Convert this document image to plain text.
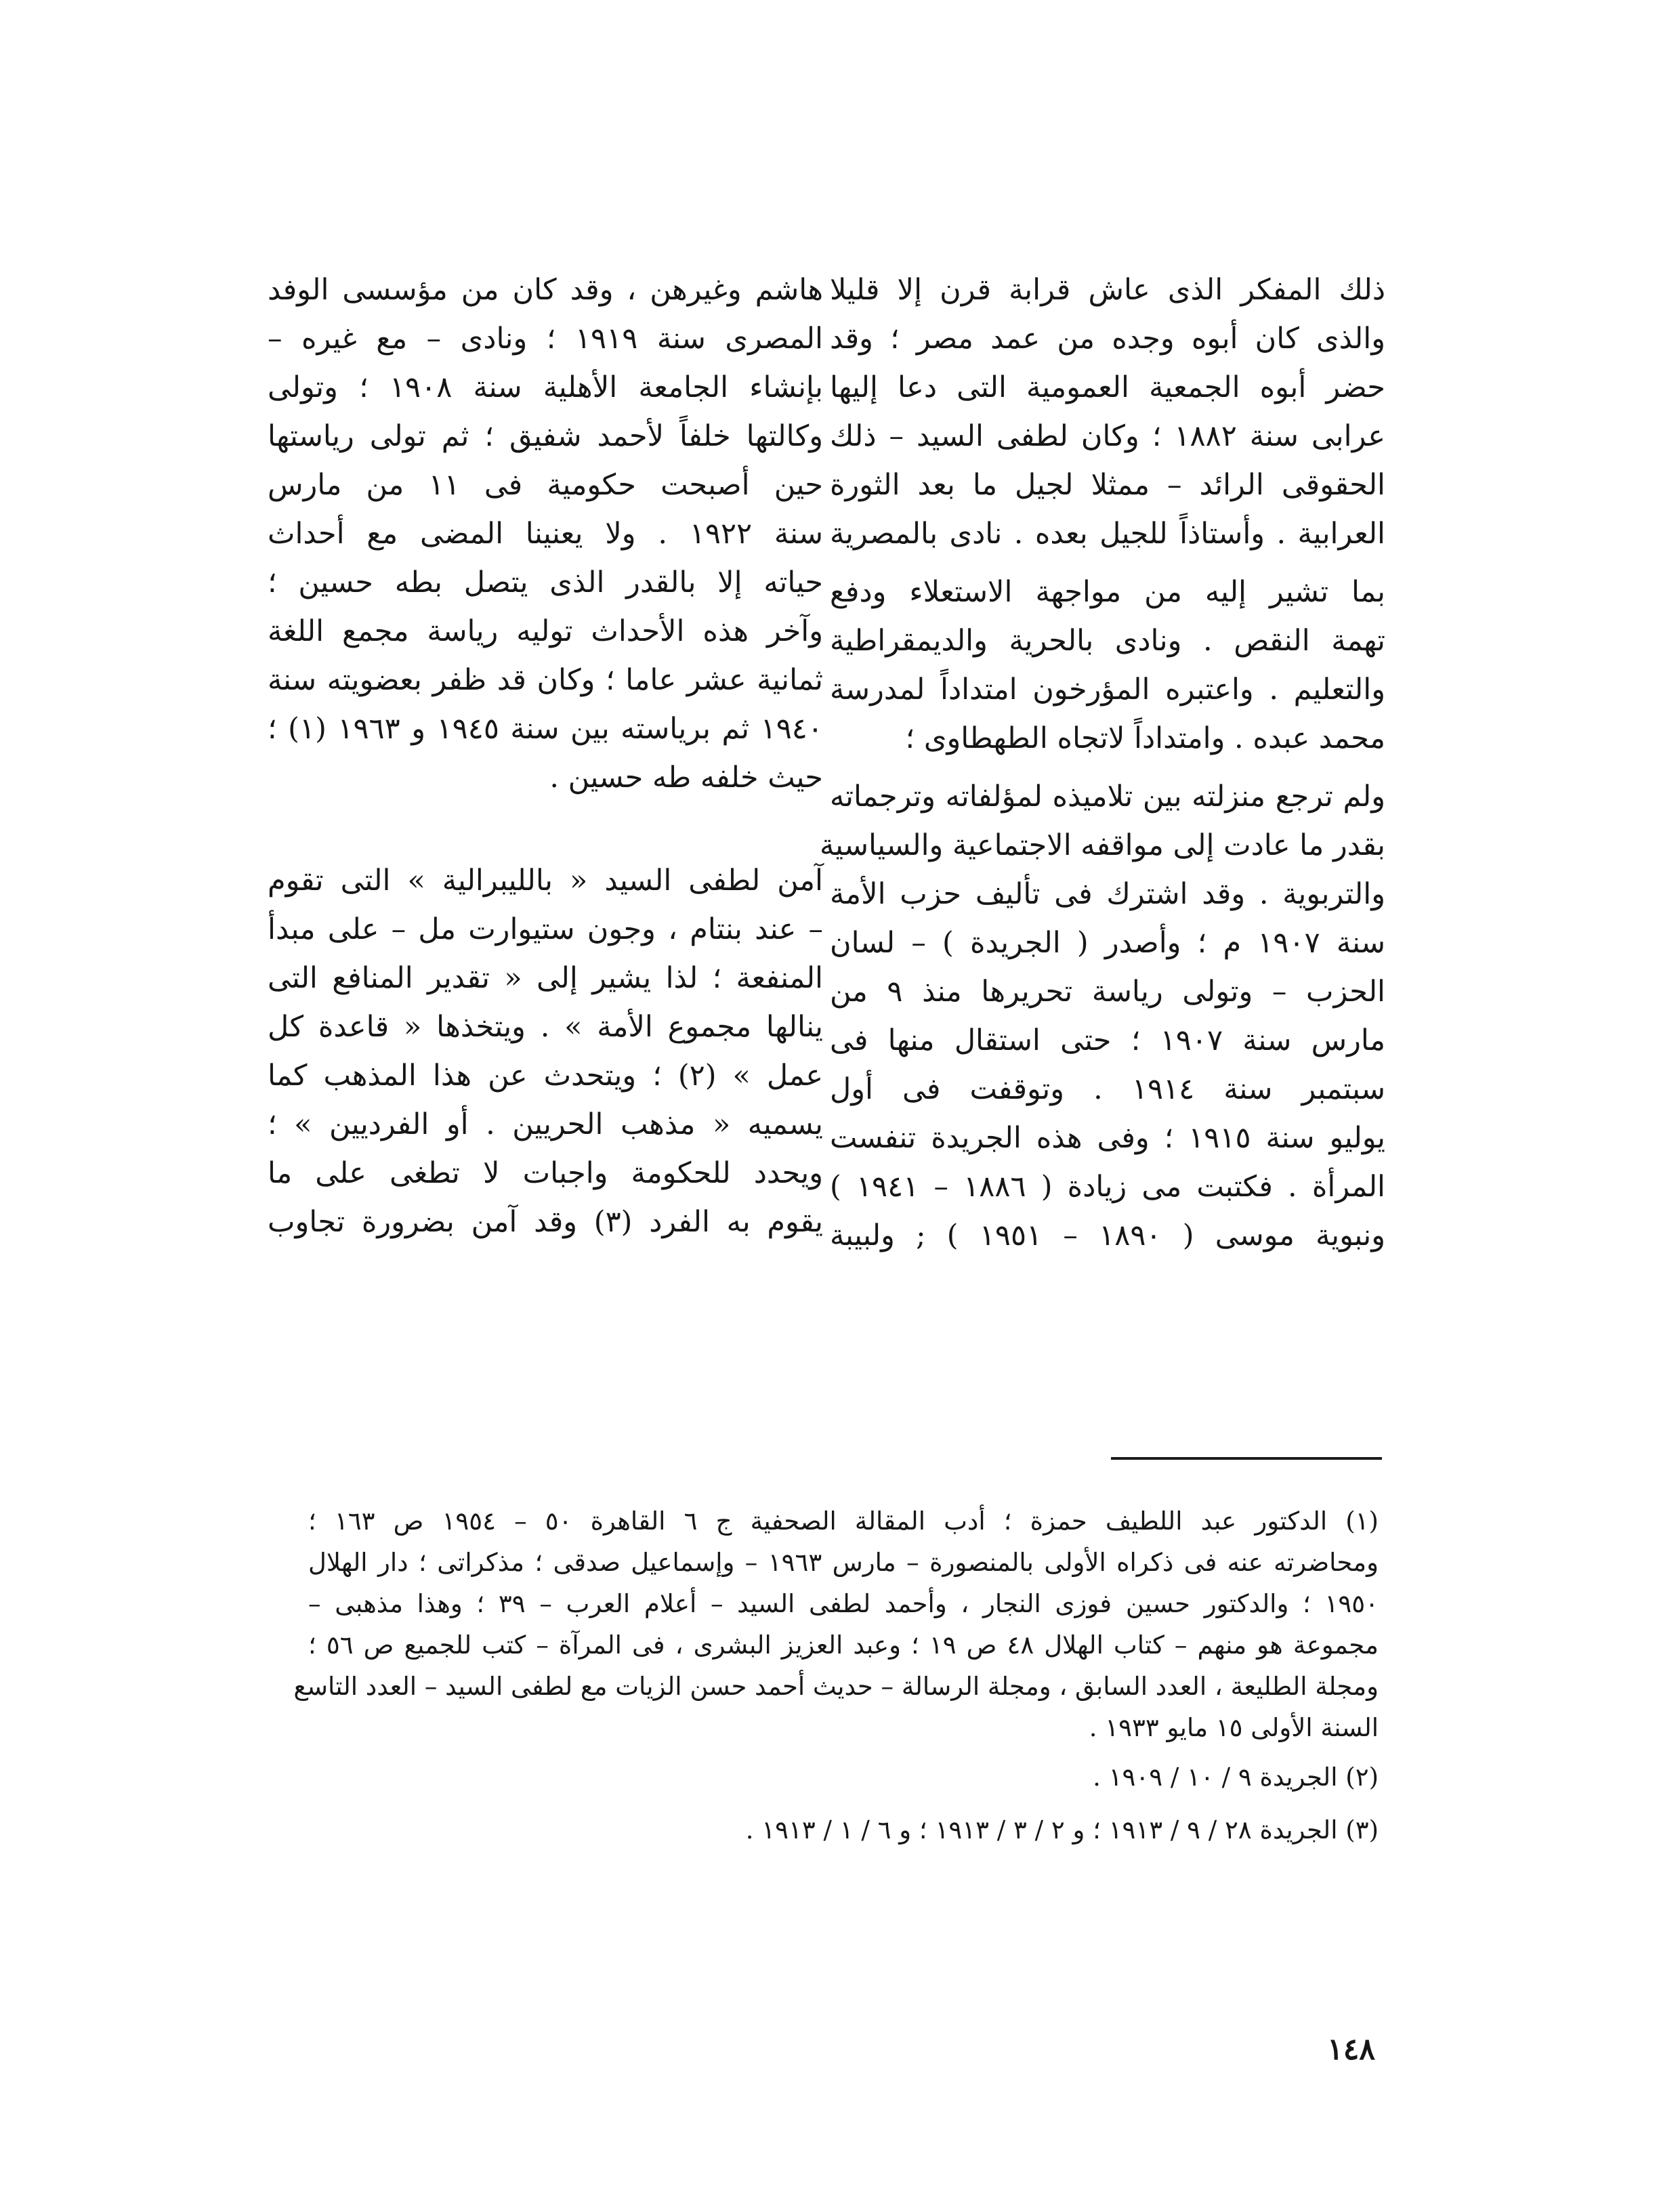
ذلك المفكر الذى عاش قرابة قرن إلا قليلا
والذى كان أبوه وجده من عمد مصر ؛ وقد
حضر أبوه الجمعية العمومية التى دعا إليها
عرابى سنة ١٨٨٢ ؛ وكان لطفى السيد – ذلك
الحقوقى الرائد – ممثلا لجيل ما بعد الثورة
العرابية . وأستاذاً للجيل بعده . نادى بالمصرية
بما تشير إليه من مواجهة الاستعلاء ودفع
تهمة النقص . ونادى بالحرية والديمقراطية
والتعليم . واعتبره المؤرخون امتداداً لمدرسة
محمد عبده . وامتداداً لاتجاه الطهطاوى ؛
ولم ترجع منزلته بين تلاميذه لمؤلفاته وترجماته
بقدر ما عادت إلى مواقفه الاجتماعية والسياسية
والتربوية . وقد اشترك فى تأليف حزب الأمة
سنة ١٩٠٧ م ؛ وأصدر ( الجريدة ) – لسان
الحزب – وتولى رياسة تحريرها منذ ٩ من
مارس سنة ١٩٠٧ ؛ حتى استقال منها فى
سبتمبر سنة ١٩١٤ . وتوقفت فى أول
يوليو سنة ١٩١٥ ؛ وفى هذه الجريدة تنفست
المرأة . فكتبت مى زيادة ( ١٨٨٦ – ١٩٤١ )
ونبوية موسى ( ١٨٩٠ – ١٩٥١ ) ; ولبيبة
هاشم وغيرهن ، وقد كان من مؤسسى الوفد
المصرى سنة ١٩١٩ ؛ ونادى – مع غيره –
بإنشاء الجامعة الأهلية سنة ١٩٠٨ ؛ وتولى
وكالتها خلفاً لأحمد شفيق ؛ ثم تولى رياستها
حين أصبحت حكومية فى ١١ من مارس
سنة ١٩٢٢ . ولا يعنينا المضى مع أحداث
حياته إلا بالقدر الذى يتصل بطه حسين ؛
وآخر هذه الأحداث توليه رياسة مجمع اللغة
ثمانية عشر عاما ؛ وكان قد ظفر بعضويته سنة
١٩٤٠ ثم برياسته بين سنة ١٩٤٥ و ١٩٦٣ (١) ؛
حيث خلفه طه حسين .
آمن لطفى السيد « بالليبرالية » التى تقوم
– عند بنتام ، وجون ستيوارت مل – على مبدأ
المنفعة ؛ لذا يشير إلى « تقدير المنافع التى
ينالها مجموع الأمة » . ويتخذها « قاعدة كل
عمل » (٢) ؛ ويتحدث عن هذا المذهب كما
يسميه « مذهب الحريين . أو الفرديين » ؛
ويحدد للحكومة واجبات لا تطغى على ما
يقوم به الفرد (٣) وقد آمن بضرورة تجاوب
(١) الدكتور عبد اللطيف حمزة ؛ أدب المقالة الصحفية ج ٦ القاهرة ٥٠ – ١٩٥٤ ص ١٦٣ ؛
ومحاضرته عنه فى ذكراه الأولى بالمنصورة – مارس ١٩٦٣ – وإسماعيل صدقى ؛ مذكراتى ؛ دار الهلال
١٩٥٠ ؛ والدكتور حسين فوزى النجار ، وأحمد لطفى السيد – أعلام العرب – ٣٩ ؛ وهذا مذهبى –
مجموعة هو منهم – كتاب الهلال ٤٨ ص ١٩ ؛ وعبد العزيز البشرى ، فى المرآة – كتب للجميع ص ٥٦ ؛
ومجلة الطليعة ، العدد السابق ، ومجلة الرسالة – حديث أحمد حسن الزيات مع لطفى السيد – العدد التاسع
السنة الأولى ١٥ مايو ١٩٣٣ .
(٢) الجريدة ٩ / ١٠ / ١٩٠٩ .
(٣) الجريدة ٢٨ / ٩ / ١٩١٣ ؛ و ٢ / ٣ / ١٩١٣ ؛ و ٦ / ١ / ١٩١٣ .
١٤٨
